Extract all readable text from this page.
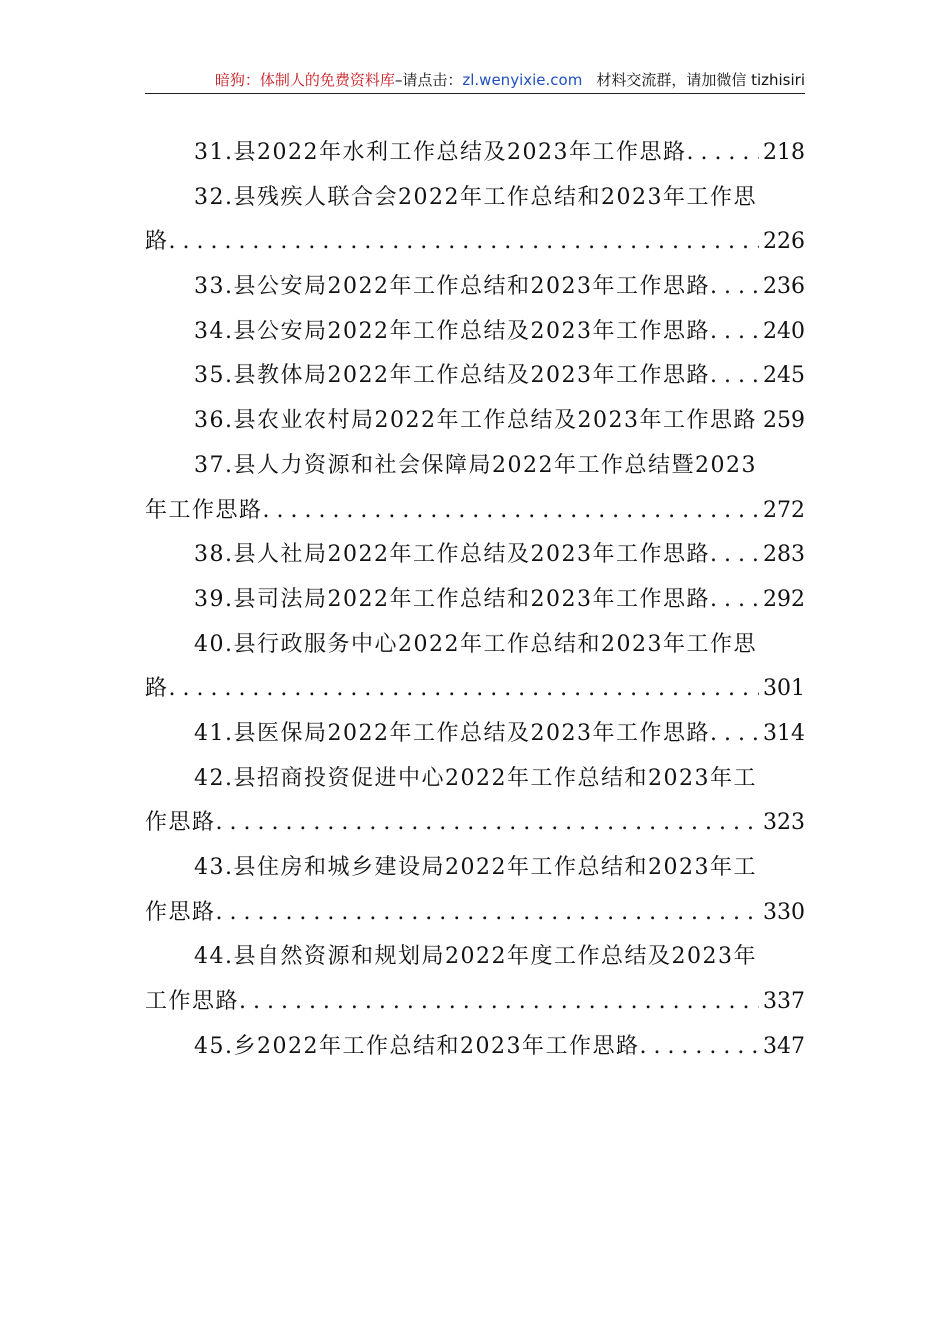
暗狗：体制人的免费资料库–请点击：zl.wenyixie.com 材料交流群，请加微信 tizhisiri
31.县2022年水利工作总结及2023年工作思路 . . .	218
32.县残疾人联合会2022年工作总结和2023年工作思
路 . . .	226
33.县公安局2022年工作总结和2023年工作思路 . . . 236
34.县公安局2022年工作总结及2023年工作思路 . . . 240
35.县教体局2022年工作总结及2023年工作思路 . . . 245
36.县农业农村局2022年工作总结及2023年工作思路 . . . 259
37.县人力资源和社会保障局2022年工作总结暨2023
年工作思路 . . .	272
38.县人社局2022年工作总结及2023年工作思路 . . . 283
39.县司法局2022年工作总结和2023年工作思路 . . . 292
40.县行政服务中心2022年工作总结和2023年工作思
路 . . .	301
41.县医保局2022年工作总结及2023年工作思路 . . . 314
42.县招商投资促进中心2022年工作总结和2023年工
作思路 . . .	323
43.县住房和城乡建设局2022年工作总结和2023年工
作思路 . . .	330
44.县自然资源和规划局2022年度工作总结及2023年
工作思路 . . .	337
45.乡2022年工作总结和2023年工作思路 . . .	347
